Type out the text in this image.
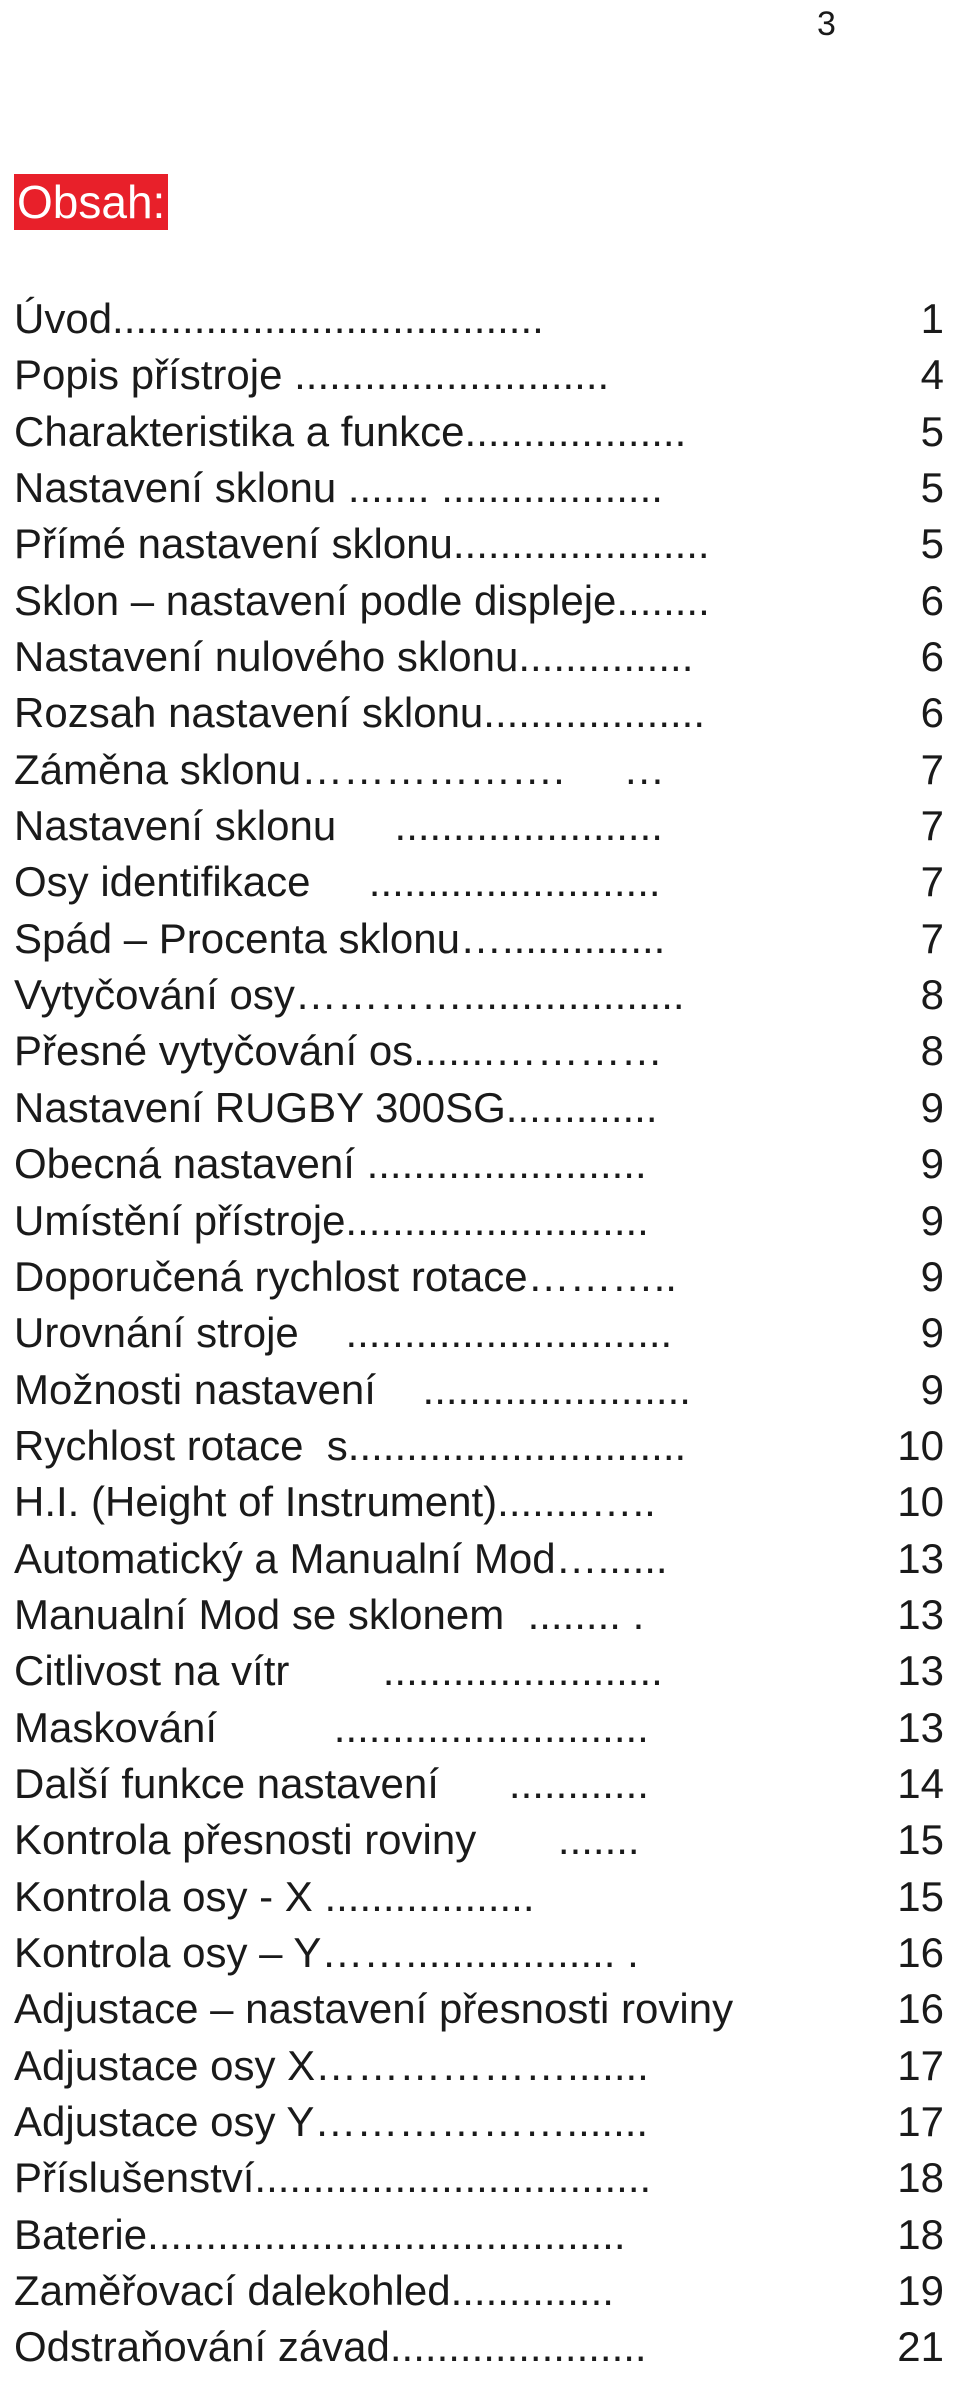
3
Obsah:
Úvod.....................................	1
Popis přístroje ...........................	4
Charakteristika a funkce...................	5
Nastavení sklonu ....... ...................	5
Přímé nastavení sklonu......................	5
Sklon – nastavení podle displeje........	6
Nastavení nulového sklonu...............	6
Rozsah nastavení sklonu...................	6
Záměna sklonu……………….     …	7
Nastavení sklonu     .......................	7
Osy identifikace     .........................	7
Spád – Procenta sklonu…..............	7
Vytyčování osy…………...................	8
Přesné vytyčování os.......…………	8
Nastavení RUGBY 300SG.............	9
Obecná nastavení ........................	9
Umístění přístroje..........................	9
Doporučená rychlost rotace………..	9
Urovnání stroje    ............................	9
Možnosti nastavení    .......................	9
Rychlost rotace  s.............................	10
H.I. (Height of Instrument)........…..	10
Automatický a Manualní Mod…......	13
Manualní Mod se sklonem  ........ .	13
Citlivost na vítr        ........................	13
Maskování          ...........................	13
Další funkce nastavení      ............	14
Kontrola přesnosti roviny       .......	15
Kontrola osy - X ..................	15
Kontrola osy – Y…….................. .	16
Adjustace – nastavení přesnosti roviny	16
Adjustace osy X……………….......	17
Adjustace osy Y……………….......	17
Příslušenství..................................	18
Baterie.........................................	18
Zaměřovací dalekohled..............	19
Odstraňování závad......................	21
